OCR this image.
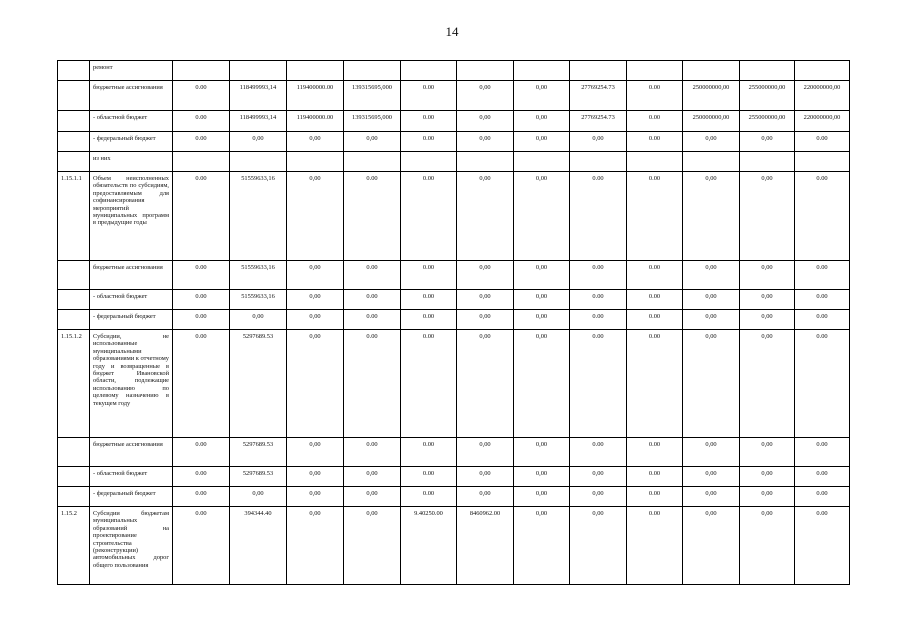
14
	ремонт												
	бюджетные ассигнования	0.00	118499993,14	119400000.00	139315695,000	0.00	0,00	0,00	27769254.73	0.00	250000000,00	255000000,00	220000000,00
	- областной бюджет	0.00	118499993,14	119400000.00	139315695,000	0.00	0,00	0,00	27769254.73	0.00	250000000,00	255000000,00	220000000,00
	- федеральный бюджет	0.00	0,00	0,00	0,00	0.00	0,00	0,00	0,00	0.00	0,00	0,00	0.00
	из них												
1.15.1.1	Объем неисполненных обязательств по субсидиям, предоставляемым для софинансирования мероприятий муниципальных программ в предыдущие годы	0.00	51559633,16	0,00	0.00	0.00	0,00	0,00	0.00	0.00	0,00	0,00	0.00
	бюджетные ассигнования	0.00	51559633,16	0,00	0.00	0.00	0,00	0,00	0.00	0.00	0,00	0,00	0.00
	- областной бюджет	0.00	51559633,16	0,00	0.00	0.00	0,00	0,00	0.00	0.00	0,00	0,00	0.00
	- федеральный бюджет	0.00	0,00	0,00	0.00	0.00	0,00	0,00	0.00	0.00	0,00	0,00	0.00
1.15.1.2	Субсидии, не использованные муниципальными образованиями к отчетному году и возвращенные в бюджет Ивановской области, подлежащие использованию по целевому назначению в текущем году	0.00	5297689.53	0,00	0.00	0.00	0,00	0,00	0.00	0.00	0,00	0,00	0.00
	бюджетные ассигнования	0.00	5297689.53	0,00	0.00	0.00	0,00	0,00	0.00	0.00	0,00	0,00	0.00
	- областной бюджет	0.00	5297689.53	0,00	0,00	0.00	0,00	0,00	0,00	0.00	0,00	0,00	0.00
	- федеральный бюджет	0.00	0,00	0,00	0,00	0.00	0,00	0,00	0,00	0.00	0,00	0,00	0.00
1.15.2	Субсидии бюджетам муниципальных образований на проектирование строительства (реконструкции) автомобильных дорог общего пользования	0.00	394344.40	0,00	0,00	9.40250.00	8460962.00	0,00	0,00	0.00	0,00	0,00	0.00
